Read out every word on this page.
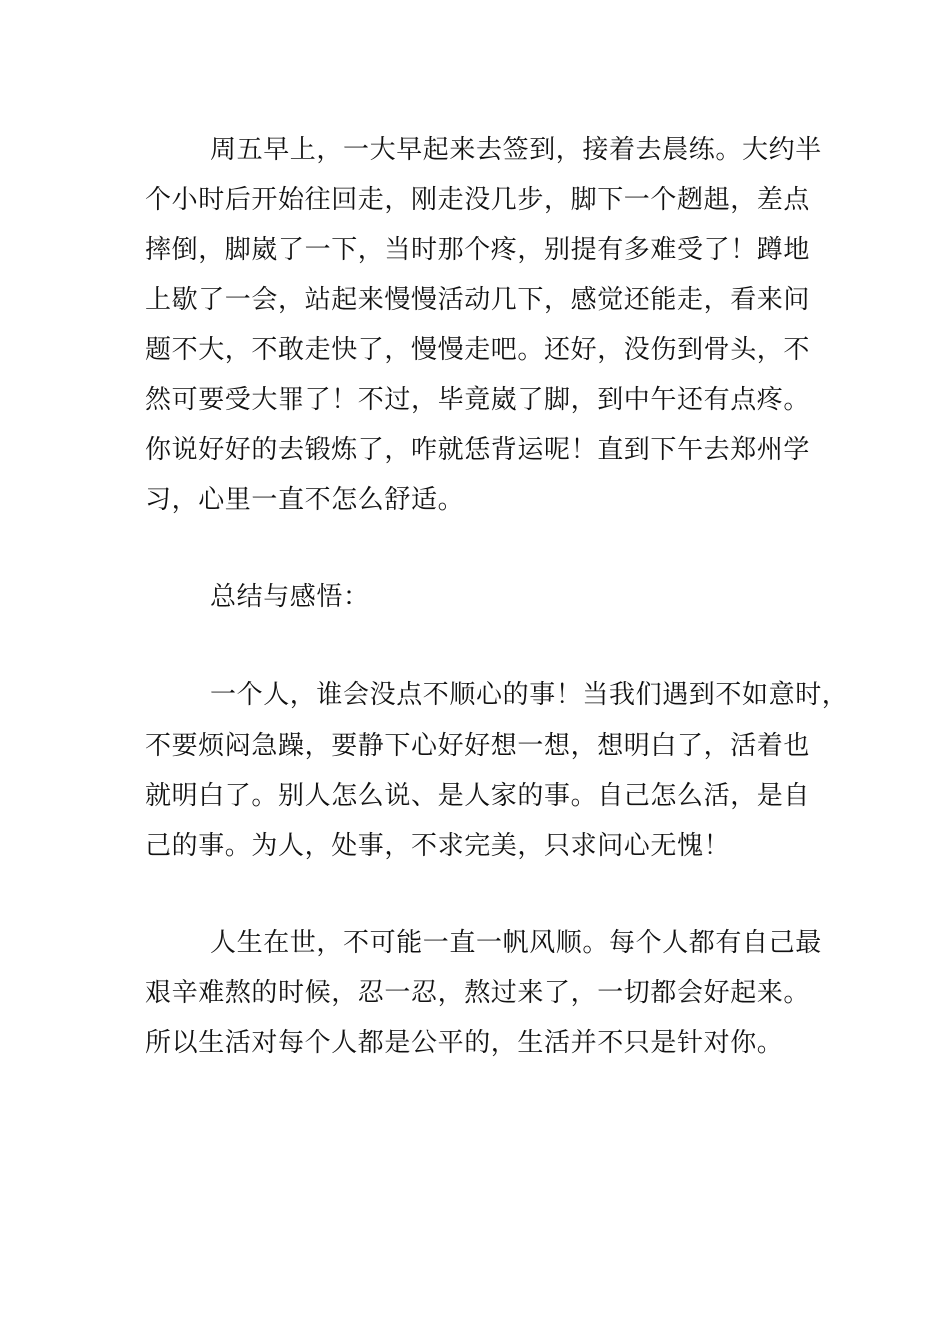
周五早上，一大早起来去签到，接着去晨练。大约半
个小时后开始往回走，刚走没几步，脚下一个趔趄，差点
摔倒，脚崴了一下，当时那个疼，别提有多难受了！蹲地
上歇了一会，站起来慢慢活动几下，感觉还能走，看来问
题不大，不敢走快了，慢慢走吧。还好，没伤到骨头，不
然可要受大罪了！不过，毕竟崴了脚，到中午还有点疼。
你说好好的去锻炼了，咋就恁背运呢！直到下午去郑州学
习，心里一直不怎么舒适。
总结与感悟：
一个人，谁会没点不顺心的事！当我们遇到不如意时，
不要烦闷急躁，要静下心好好想一想，想明白了，活着也
就明白了。别人怎么说、是人家的事。自己怎么活，是自
己的事。为人，处事，不求完美，只求问心无愧！
人生在世，不可能一直一帆风顺。每个人都有自己最
艰辛难熬的时候，忍一忍，熬过来了，一切都会好起来。
所以生活对每个人都是公平的，生活并不只是针对你。
